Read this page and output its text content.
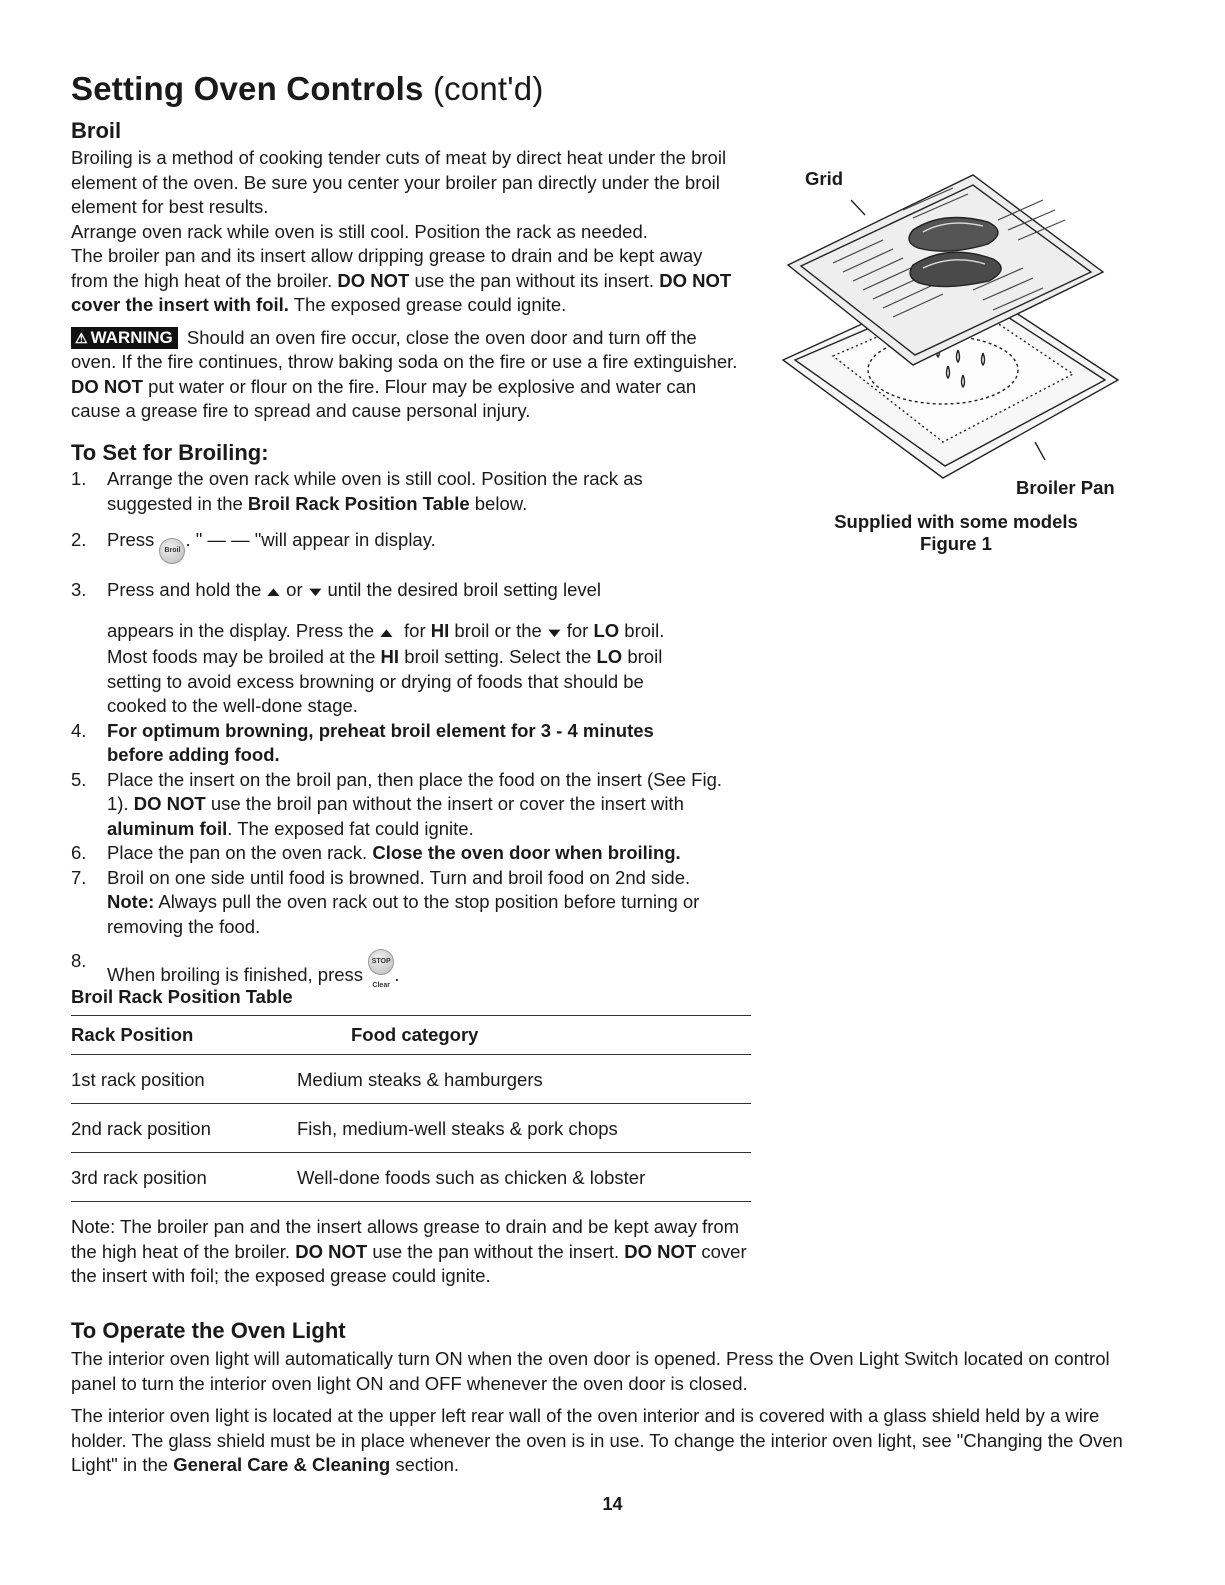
Setting Oven Controls (cont'd)
Broil
Broiling is a method of cooking tender cuts of meat by direct heat under the broil element of the oven. Be sure you center your broiler pan directly under the broil element for best results.
Arrange oven rack while oven is still cool. Position the rack as needed.
The broiler pan and its insert allow dripping grease to drain and be kept away from the high heat of the broiler. DO NOT use the pan without its insert. DO NOT cover the insert with foil. The exposed grease could ignite.
⚠ WARNING Should an oven fire occur, close the oven door and turn off the oven. If the fire continues, throw baking soda on the fire or use a fire extinguisher. DO NOT put water or flour on the fire. Flour may be explosive and water can cause a grease fire to spread and cause personal injury.
Grid
Broiler Pan
Supplied with some models
Figure 1
To Set for Broiling:
1. Arrange the oven rack while oven is still cool. Position the rack as suggested in the Broil Rack Position Table below.
2. Press Broil. " — — "will appear in display.
3. Press and hold the ▲ or ▼ until the desired broil setting level
appears in the display. Press the ▲ for HI broil or the ▼ for LO broil.
Most foods may be broiled at the HI broil setting. Select the LO broil setting to avoid excess browning or drying of foods that should be cooked to the well-done stage.
4. For optimum browning, preheat broil element for 3 - 4 minutes before adding food.
5. Place the insert on the broil pan, then place the food on the insert (See Fig. 1). DO NOT use the broil pan without the insert or cover the insert with aluminum foil. The exposed fat could ignite.
6. Place the pan on the oven rack. Close the oven door when broiling.
7. Broil on one side until food is browned. Turn and broil food on 2nd side.
Note: Always pull the oven rack out to the stop position before turning or removing the food.
8.
When broiling is finished, press STOP Clear.
Broil Rack Position Table
Rack Position	Food category
1st rack position	Medium steaks & hamburgers
2nd rack position	Fish, medium-well steaks & pork chops
3rd rack position	Well-done foods such as chicken & lobster
Note: The broiler pan and the insert allows grease to drain and be kept away from the high heat of the broiler. DO NOT use the pan without the insert. DO NOT cover the insert with foil; the exposed grease could ignite.
To Operate the Oven Light
The interior oven light will automatically turn ON when the oven door is opened. Press the Oven Light Switch located on control panel to turn the interior oven light ON and OFF whenever the oven door is closed.
The interior oven light is located at the upper left rear wall of the oven interior and is covered with a glass shield held by a wire holder. The glass shield must be in place whenever the oven is in use. To change the interior oven light, see "Changing the Oven Light" in the General Care & Cleaning section.
14
